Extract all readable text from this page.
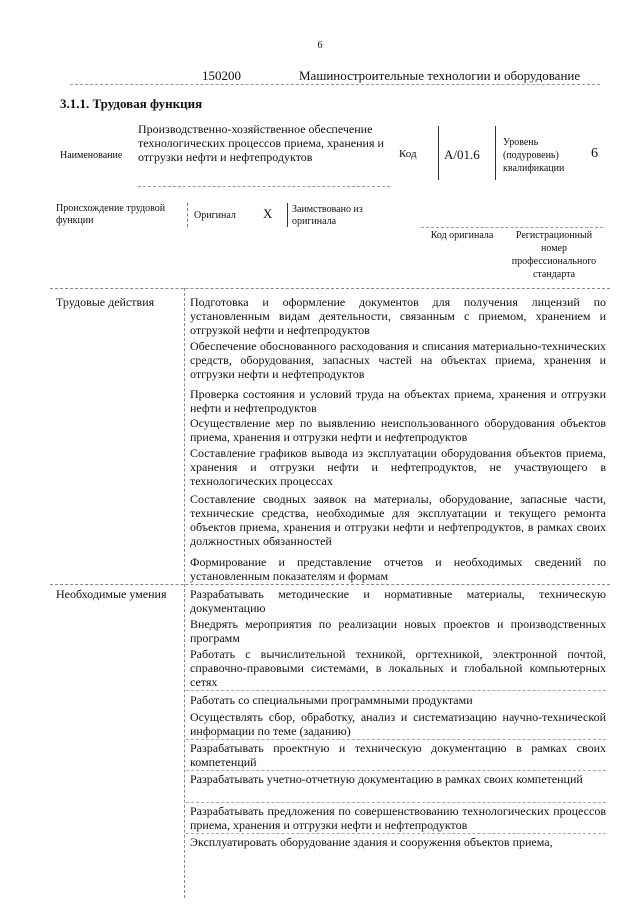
6
150200	Машиностроительные технологии и оборудование
3.1.1. Трудовая функция
Наименование
Производственно-хозяйственное обеспечение технологических процессов приема, хранения и отгрузки нефти и нефтепродуктов	Код А/01.6
Уровень (подуровень) квалификации
6
Происхождение трудовой функции	Оригинал Х Заимствовано из оригинала
Код оригинала	Регистрационный номер профессионального стандарта
Трудовые действия	Подготовка и оформление документов для получения лицензий по установленным видам деятельности, связанным с приемом, хранением и отгрузкой нефти и нефтепродуктов
Обеспечение обоснованного расходования и списания материально-технических средств, оборудования, запасных частей на объектах приема, хранения и отгрузки нефти и нефтепродуктов
Проверка состояния и условий труда на объектах приема, хранения и отгрузки нефти и нефтепродуктов
Осуществление мер по выявлению неиспользованного оборудования объектов приема, хранения и отгрузки нефти и нефтепродуктов
Составление графиков вывода из эксплуатации оборудования объектов приема, хранения и отгрузки нефти и нефтепродуктов, не участвующего в технологических процессах
Составление сводных заявок на материалы, оборудование, запасные части, технические средства, необходимые для эксплуатации и текущего ремонта объектов приема, хранения и отгрузки нефти и нефтепродуктов, в рамках своих должностных обязанностей
Формирование и представление отчетов и необходимых сведений по установленным показателям и формам
Необходимые умения Разрабатывать методические и нормативные материалы, техническую документацию
Внедрять мероприятия по реализации новых проектов и производственных программ
Работать с вычислительной техникой, оргтехникой, электронной почтой, справочно-правовыми системами, в локальных и глобальной компьютерных сетях
Работать со специальными программными продуктами
Осуществлять сбор, обработку, анализ и систематизацию научно-технической информации по теме (заданию)
Разрабатывать проектную и техническую документацию в рамках своих компетенций
Разрабатывать учетно-отчетную документацию в рамках своих компетенций
Разрабатывать предложения по совершенствованию технологических процессов приема, хранения и отгрузки нефти и нефтепродуктов
Эксплуатировать оборудование здания и сооружения объектов приема,
